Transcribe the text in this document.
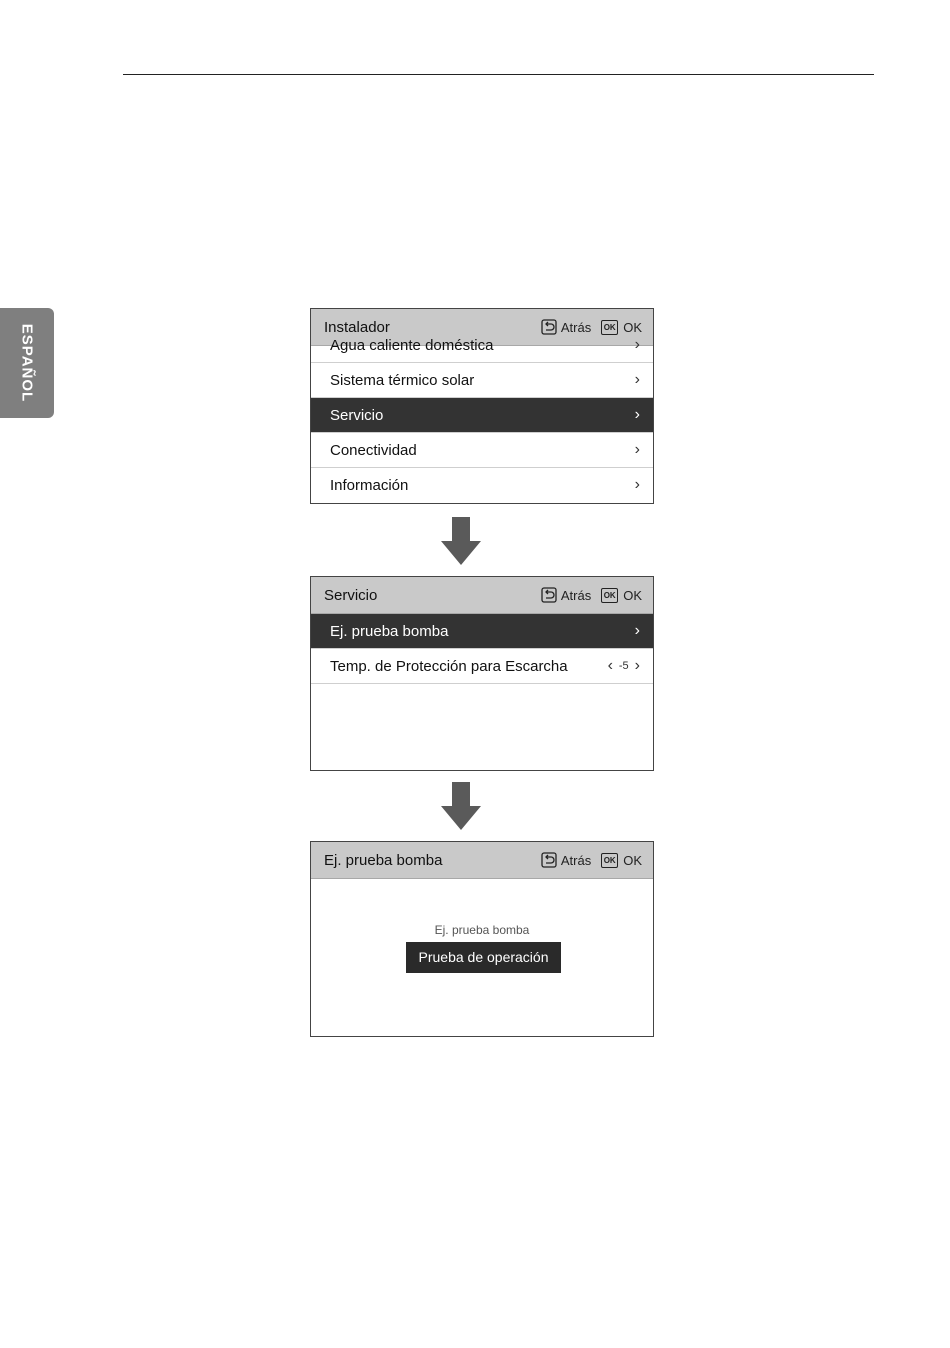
ESPAÑOL	Instalador	Atrás	OK OK
Agua caliente doméstica	›
Sistema térmico solar	›
Servicio	›
Conectividad	›
Información	›
Servicio	Atrás	OK OK
Ej. prueba bomba	›
Temp. de Protección para Escarcha ‹ -5 ›
Ej. prueba bomba	Atrás	OK OK
Ej. prueba bomba
Prueba de operación
